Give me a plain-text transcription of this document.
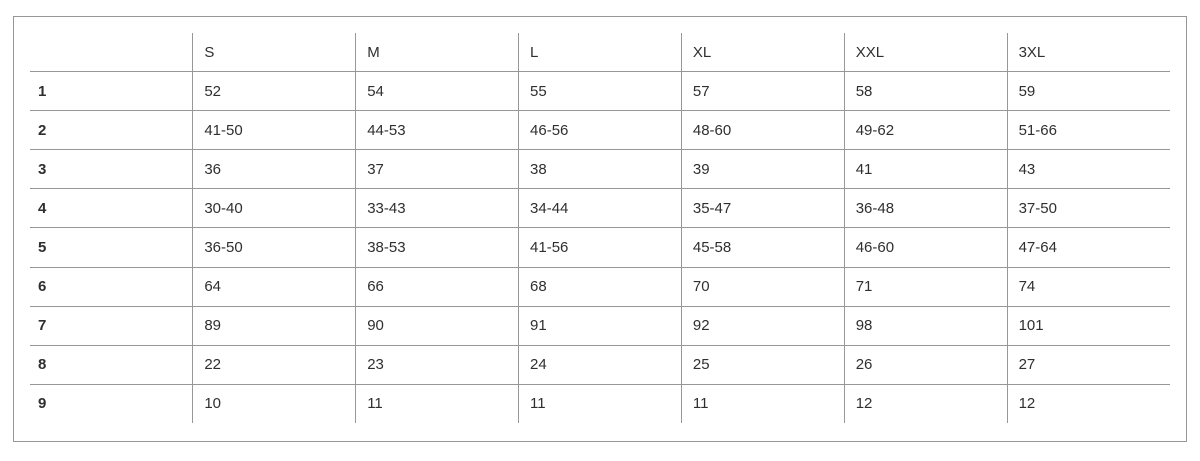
	S	M	L	XL	XXL	3XL
1	52	54	55	57	58	59
2	41-50	44-53	46-56	48-60	49-62	51-66
3	36	37	38	39	41	43
4	30-40	33-43	34-44	35-47	36-48	37-50
5	36-50	38-53	41-56	45-58	46-60	47-64
6	64	66	68	70	71	74
7	89	90	91	92	98	101
8	22	23	24	25	26	27
9	10	11	11	11	12	12
